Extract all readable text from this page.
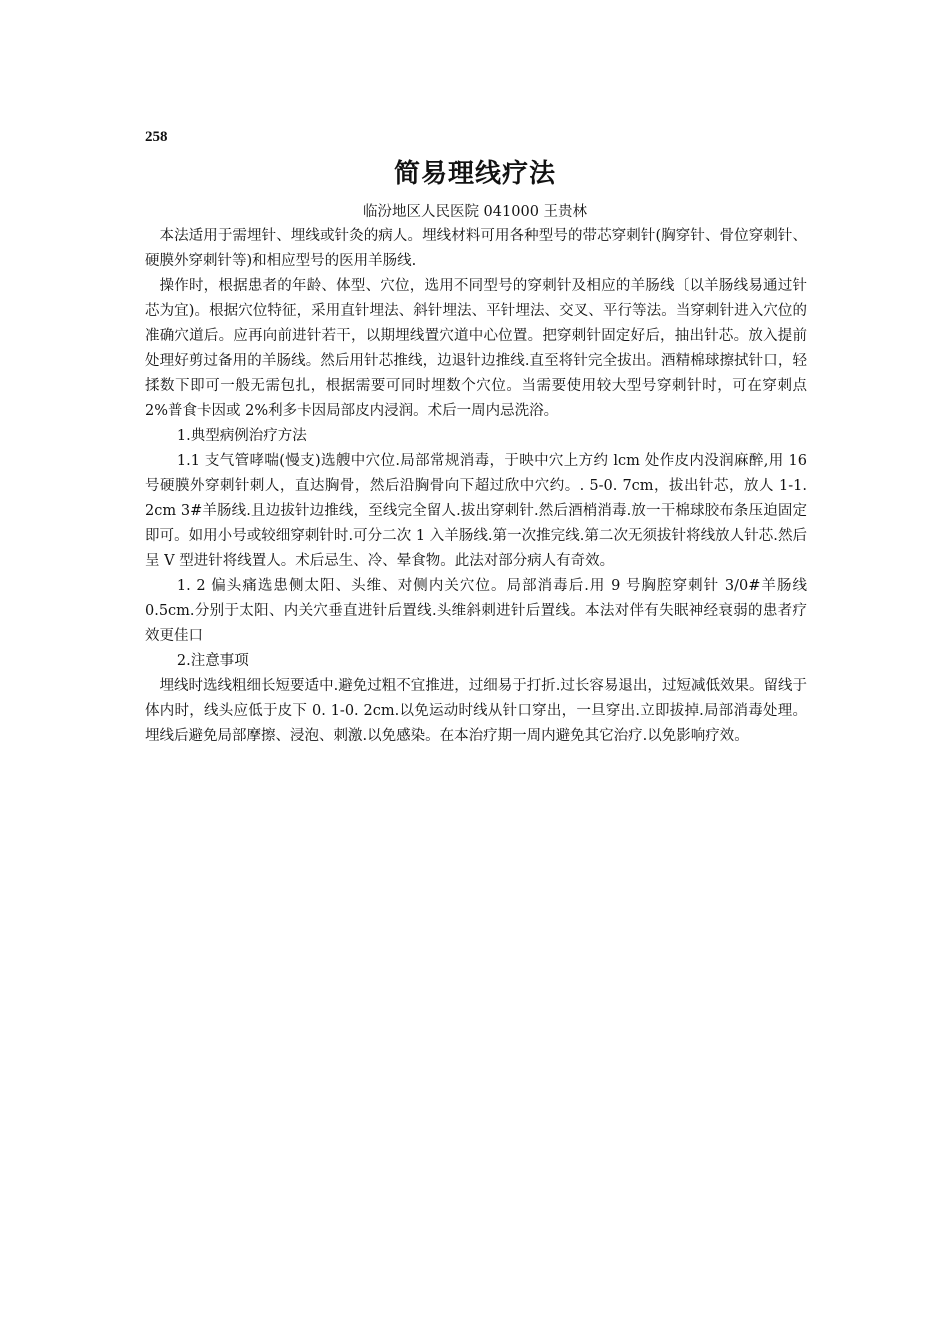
258
简易理线疗法
临汾地区人民医院 041000 王贵林

本法适用于需埋针、埋线或针灸的病人。埋线材料可用各种型号的带芯穿刺针(胸穿针、骨位穿刺针、硬膜外穿刺针等)和相应型号的医用羊肠线.

操作时，根据患者的年龄、体型、穴位，选用不同型号的穿刺针及相应的羊肠线〔以羊肠线易通过针芯为宜)。根据穴位特征，采用直针埋法、斜针埋法、平针埋法、交叉、平行等法。当穿刺针进入穴位的准确穴道后。应再向前进针若干，以期埋线置穴道中心位置。把穿刺针固定好后，抽出针芯。放入提前处理好剪过备用的羊肠线。然后用针芯推线，边退针边推线.直至将针完全拔出。酒精棉球擦拭针口，轻揉数下即可一般无需包扎，根据需要可同时埋数个穴位。当需要使用较大型号穿刺针时，可在穿刺点 2%普食卡因或 2%利多卡因局部皮内浸润。术后一周内忌洗浴。

1.典型病例治疗方法

1.1 支气管哮喘(慢支)选艘中穴位.局部常规消毒，于映中穴上方约 lcm 处作皮内没润麻醉,用 16 号硬膜外穿刺针刺人，直达胸骨，然后沿胸骨向下超过欣中穴约。. 5-0. 7cm，拔出针芯，放人 1-1. 2cm 3#羊肠线.且边拔针边推线，至线完全留人.拔出穿刺针.然后酒梢消毒.放一干棉球胶布条压迫固定即可。如用小号或较细穿刺针时.可分二次 1 入羊肠线.第一次推完线.第二次无须拔针将线放人针芯.然后呈 V 型进针将线置人。术后忌生、冷、晕食物。此法对部分病人有奇效。

1. 2 偏头痛选患侧太阳、头维、对侧内关穴位。局部消毒后.用 9 号胸腔穿刺针 3/0#羊肠线 0.5cm.分别于太阳、内关穴垂直进针后置线.头维斜刺进针后置线。本法对伴有失眠神经衰弱的患者疗效更佳口

2.注意事项

埋线时选线粗细长短要适中.避免过粗不宜推进，过细易于打折.过长容易退出，过短减低效果。留线于体内时，线头应低于皮下 0. 1-0. 2cm.以免运动时线从针口穿出，一旦穿出.立即拔掉.局部消毒处理。埋线后避免局部摩擦、浸泡、刺激.以免感染。在本治疗期一周内避免其它治疗.以免影响疗效。
